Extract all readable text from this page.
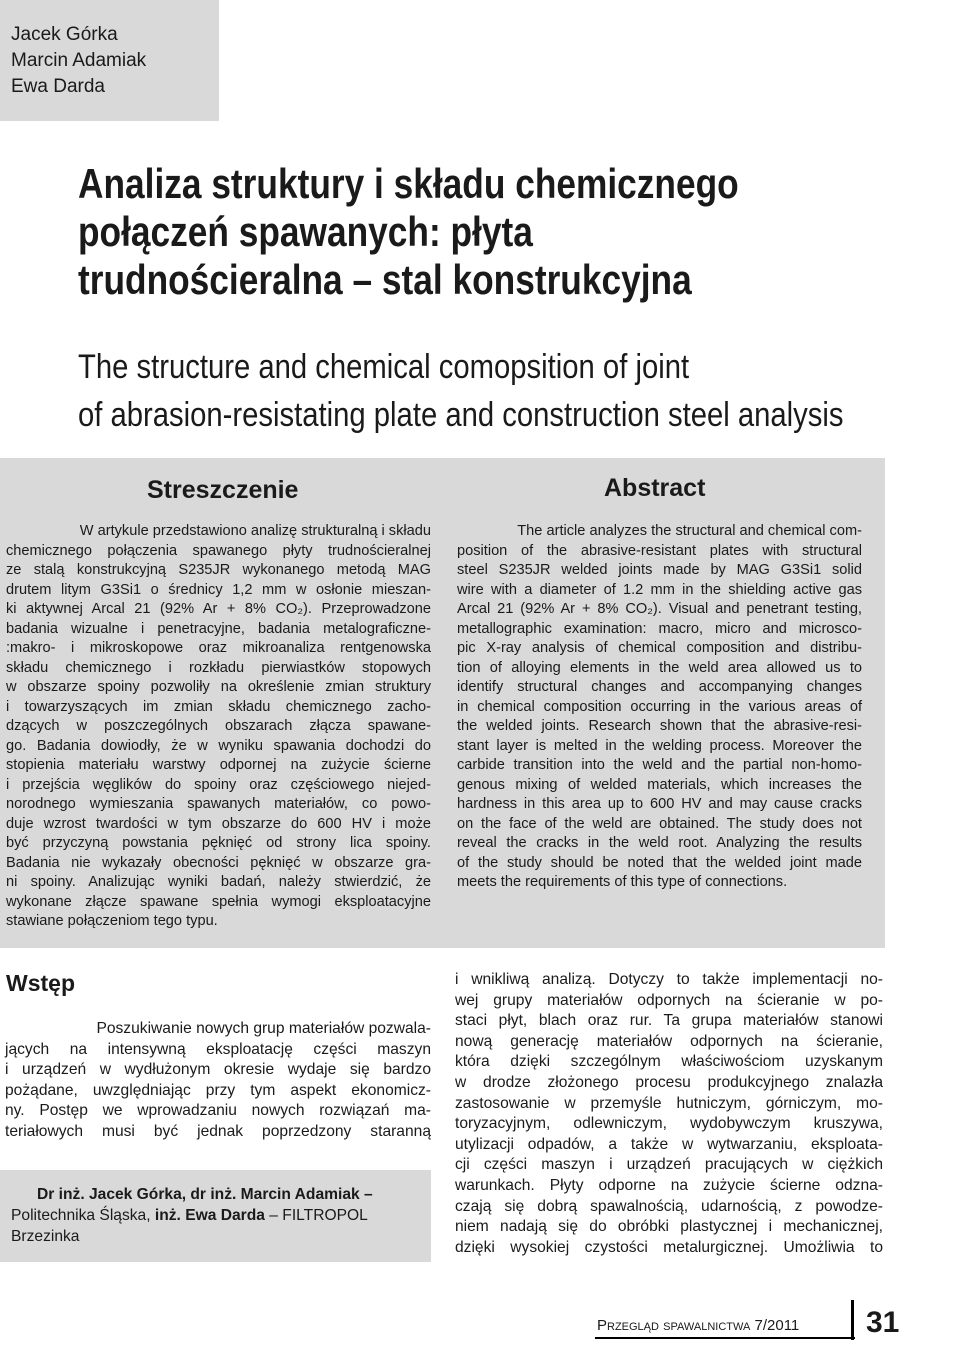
Jacek Górka
Marcin Adamiak
Ewa Darda
Analiza struktury i składu chemicznego
połączeń spawanych: płyta
trudnościeralna – stal konstrukcyjna
The structure and chemical comopsition of joint
of abrasion-resistating plate and construction steel analysis
Streszczenie
W artykule przedstawiono analizę strukturalną i składu
chemicznego połączenia spawanego płyty trudnościeralnej
ze stalą konstrukcyjną S235JR wykonanego metodą MAG
drutem litym G3Si1 o średnicy 1,2 mm w osłonie mieszan-
ki aktywnej Arcal 21 (92% Ar + 8% CO₂). Przeprowadzone
badania wizualne i penetracyjne, badania metalograficzne-
:makro- i mikroskopowe oraz mikroanaliza rentgenowska
składu chemicznego i rozkładu pierwiastków stopowych
w obszarze spoiny pozwoliły na określenie zmian struktury
i towarzyszących im zmian składu chemicznego zacho-
dzących w poszczególnych obszarach złącza spawane-
go. Badania dowiodły, że w wyniku spawania dochodzi do
stopienia materiału warstwy odpornej na zużycie ścierne
i przejścia węglików do spoiny oraz częściowego niejed-
norodnego wymieszania spawanych materiałów, co powo-
duje wzrost twardości w tym obszarze do 600 HV i może
być przyczyną powstania pęknięć od strony lica spoiny.
Badania nie wykazały obecności pęknięć w obszarze gra-
ni spoiny. Analizując wyniki badań, należy stwierdzić, że
wykonane złącze spawane spełnia wymogi eksploatacyjne
stawiane połączeniom tego typu.
Abstract
The article analyzes the structural and chemical com-
position of the abrasive-resistant plates with structural
steel S235JR welded joints made by MAG G3Si1 solid
wire with a diameter of 1.2 mm in the shielding active gas
Arcal 21 (92% Ar + 8% CO₂). Visual and penetrant testing,
metallographic examination: macro, micro and microsco-
pic X-ray analysis of chemical composition and distribu-
tion of alloying elements in the weld area allowed us to
identify structural changes and accompanying changes
in chemical composition occurring in the various areas of
the welded joints. Research shown that the abrasive-resi-
stant layer is melted in the welding process. Moreover the
carbide transition into the weld and the partial non-homo-
genous mixing of welded materials, which increases the
hardness in this area up to 600 HV and may cause cracks
on the face of the weld are obtained. The study does not
reveal the cracks in the weld root. Analyzing the results
of the study should be noted that the welded joint made
meets the requirements of this type of connections.
Wstęp
Poszukiwanie nowych grup materiałów pozwala-
jących na intensywną eksploatację części maszyn
i urządzeń w wydłużonym okresie wydaje się bardzo
pożądane, uwzględniając przy tym aspekt ekonomicz-
ny. Postęp we wprowadzaniu nowych rozwiązań ma-
teriałowych musi być jednak poprzedzony staranną
Dr inż. Jacek Górka, dr inż. Marcin Adamiak –
Politechnika Śląska, inż. Ewa Darda – FILTROPOL
Brzezinka
i wnikliwą analizą. Dotyczy to także implementacji no-
wej grupy materiałów odpornych na ścieranie w po-
staci płyt, blach oraz rur. Ta grupa materiałów stanowi
nową generację materiałów odpornych na ścieranie,
która dzięki szczególnym właściwościom uzyskanym
w drodze złożonego procesu produkcyjnego znalazła
zastosowanie w przemyśle hutniczym, górniczym, mo-
toryzacyjnym, odlewniczym, wydobywczym kruszywa,
utylizacji odpadów, a także w wytwarzaniu, eksploata-
cji części maszyn i urządzeń pracujących w ciężkich
warunkach. Płyty odporne na zużycie ścierne odzna-
czają się dobrą spawalnością, udarnością, z powodze-
niem nadają się do obróbki plastycznej i mechanicznej,
dzięki wysokiej czystości metalurgicznej. Umożliwia to
Przegląd spawalnictwa 7/2011 31
